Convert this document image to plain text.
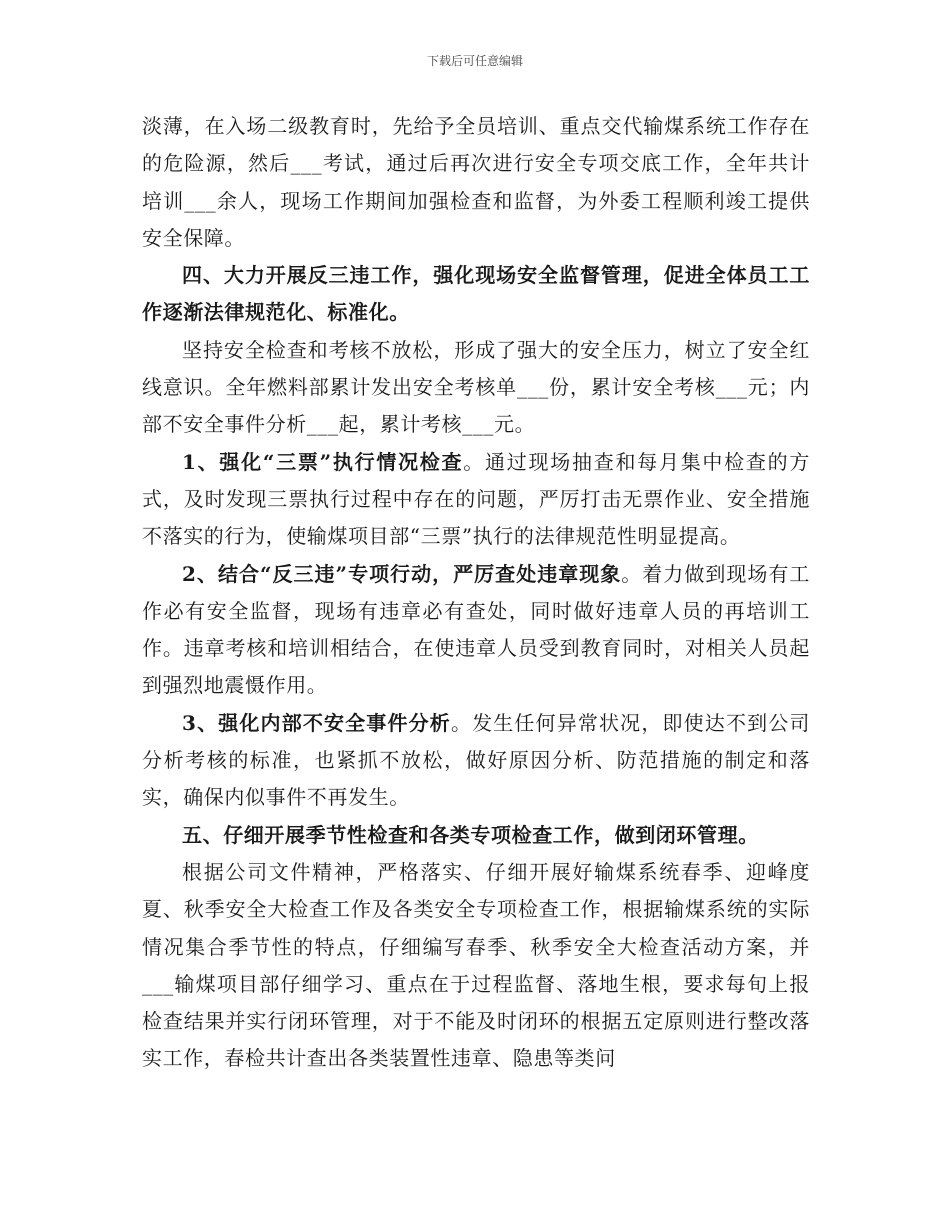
下载后可任意编辑

淡薄，在入场二级教育时，先给予全员培训、重点交代输煤系统工作存在的危险源，然后___考试，通过后再次进行安全专项交底工作，全年共计培训___余人，现场工作期间加强检查和监督，为外委工程顺利竣工提供安全保障。

四、大力开展反三违工作，强化现场安全监督管理，促进全体员工工作逐渐法律规范化、标准化。

坚持安全检查和考核不放松，形成了强大的安全压力，树立了安全红线意识。全年燃料部累计发出安全考核单___份，累计安全考核___元；内部不安全事件分析___起，累计考核___元。

1、强化“三票”执行情况检查。通过现场抽查和每月集中检查的方式，及时发现三票执行过程中存在的问题，严厉打击无票作业、安全措施不落实的行为，使输煤项目部“三票”执行的法律规范性明显提高。

2、结合“反三违”专项行动，严厉查处违章现象。着力做到现场有工作必有安全监督，现场有违章必有查处，同时做好违章人员的再培训工作。违章考核和培训相结合，在使违章人员受到教育同时，对相关人员起到强烈地震慑作用。

3、强化内部不安全事件分析。发生任何异常状况，即使达不到公司分析考核的标准，也紧抓不放松，做好原因分析、防范措施的制定和落实，确保内似事件不再发生。

五、仔细开展季节性检查和各类专项检查工作，做到闭环管理。

根据公司文件精神，严格落实、仔细开展好输煤系统春季、迎峰度夏、秋季安全大检查工作及各类安全专项检查工作，根据输煤系统的实际情况集合季节性的特点，仔细编写春季、秋季安全大检查活动方案，并___输煤项目部仔细学习、重点在于过程监督、落地生根，要求每旬上报检查结果并实行闭环管理，对于不能及时闭环的根据五定原则进行整改落实工作，春检共计查出各类装置性违章、隐患等类问
